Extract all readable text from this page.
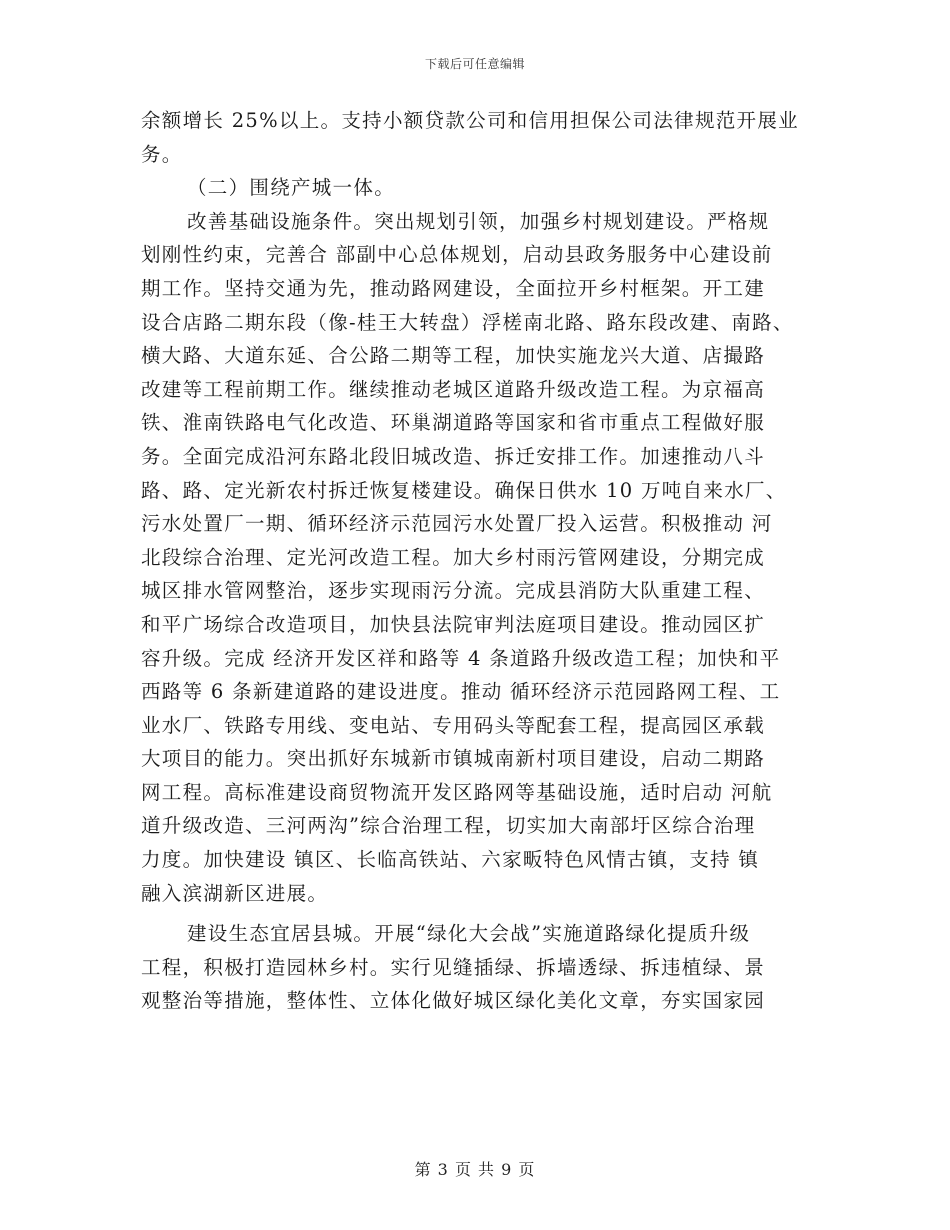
下载后可任意编辑
余额增长 25%以上。支持小额贷款公司和信用担保公司法律规范开展业
务。
（二）围绕产城一体。
改善基础设施条件。突出规划引领，加强乡村规划建设。严格规
划刚性约束，完善合 部副中心总体规划，启动县政务服务中心建设前
期工作。坚持交通为先，推动路网建设，全面拉开乡村框架。开工建
设合店路二期东段（像-桂王大转盘）浮槎南北路、路东段改建、南路、
横大路、大道东延、合公路二期等工程，加快实施龙兴大道、店撮路
改建等工程前期工作。继续推动老城区道路升级改造工程。为京福高
铁、淮南铁路电气化改造、环巢湖道路等国家和省市重点工程做好服
务。全面完成沿河东路北段旧城改造、拆迁安排工作。加速推动八斗
路、路、定光新农村拆迁恢复楼建设。确保日供水 10 万吨自来水厂、
污水处置厂一期、循环经济示范园污水处置厂投入运营。积极推动 河
北段综合治理、定光河改造工程。加大乡村雨污管网建设，分期完成
城区排水管网整治，逐步实现雨污分流。完成县消防大队重建工程、
和平广场综合改造项目，加快县法院审判法庭项目建设。推动园区扩
容升级。完成 经济开发区祥和路等 4 条道路升级改造工程；加快和平
西路等 6 条新建道路的建设进度。推动 循环经济示范园路网工程、工
业水厂、铁路专用线、变电站、专用码头等配套工程，提高园区承载
大项目的能力。突出抓好东城新市镇城南新村项目建设，启动二期路
网工程。高标准建设商贸物流开发区路网等基础设施，适时启动 河航
道升级改造、三河两沟”综合治理工程，切实加大南部圩区综合治理
力度。加快建设 镇区、长临高铁站、六家畈特色风情古镇，支持 镇
融入滨湖新区进展。
建设生态宜居县城。开展“绿化大会战”实施道路绿化提质升级
工程，积极打造园林乡村。实行见缝插绿、拆墙透绿、拆违植绿、景
观整治等措施，整体性、立体化做好城区绿化美化文章，夯实国家园
第 3 页 共 9 页
